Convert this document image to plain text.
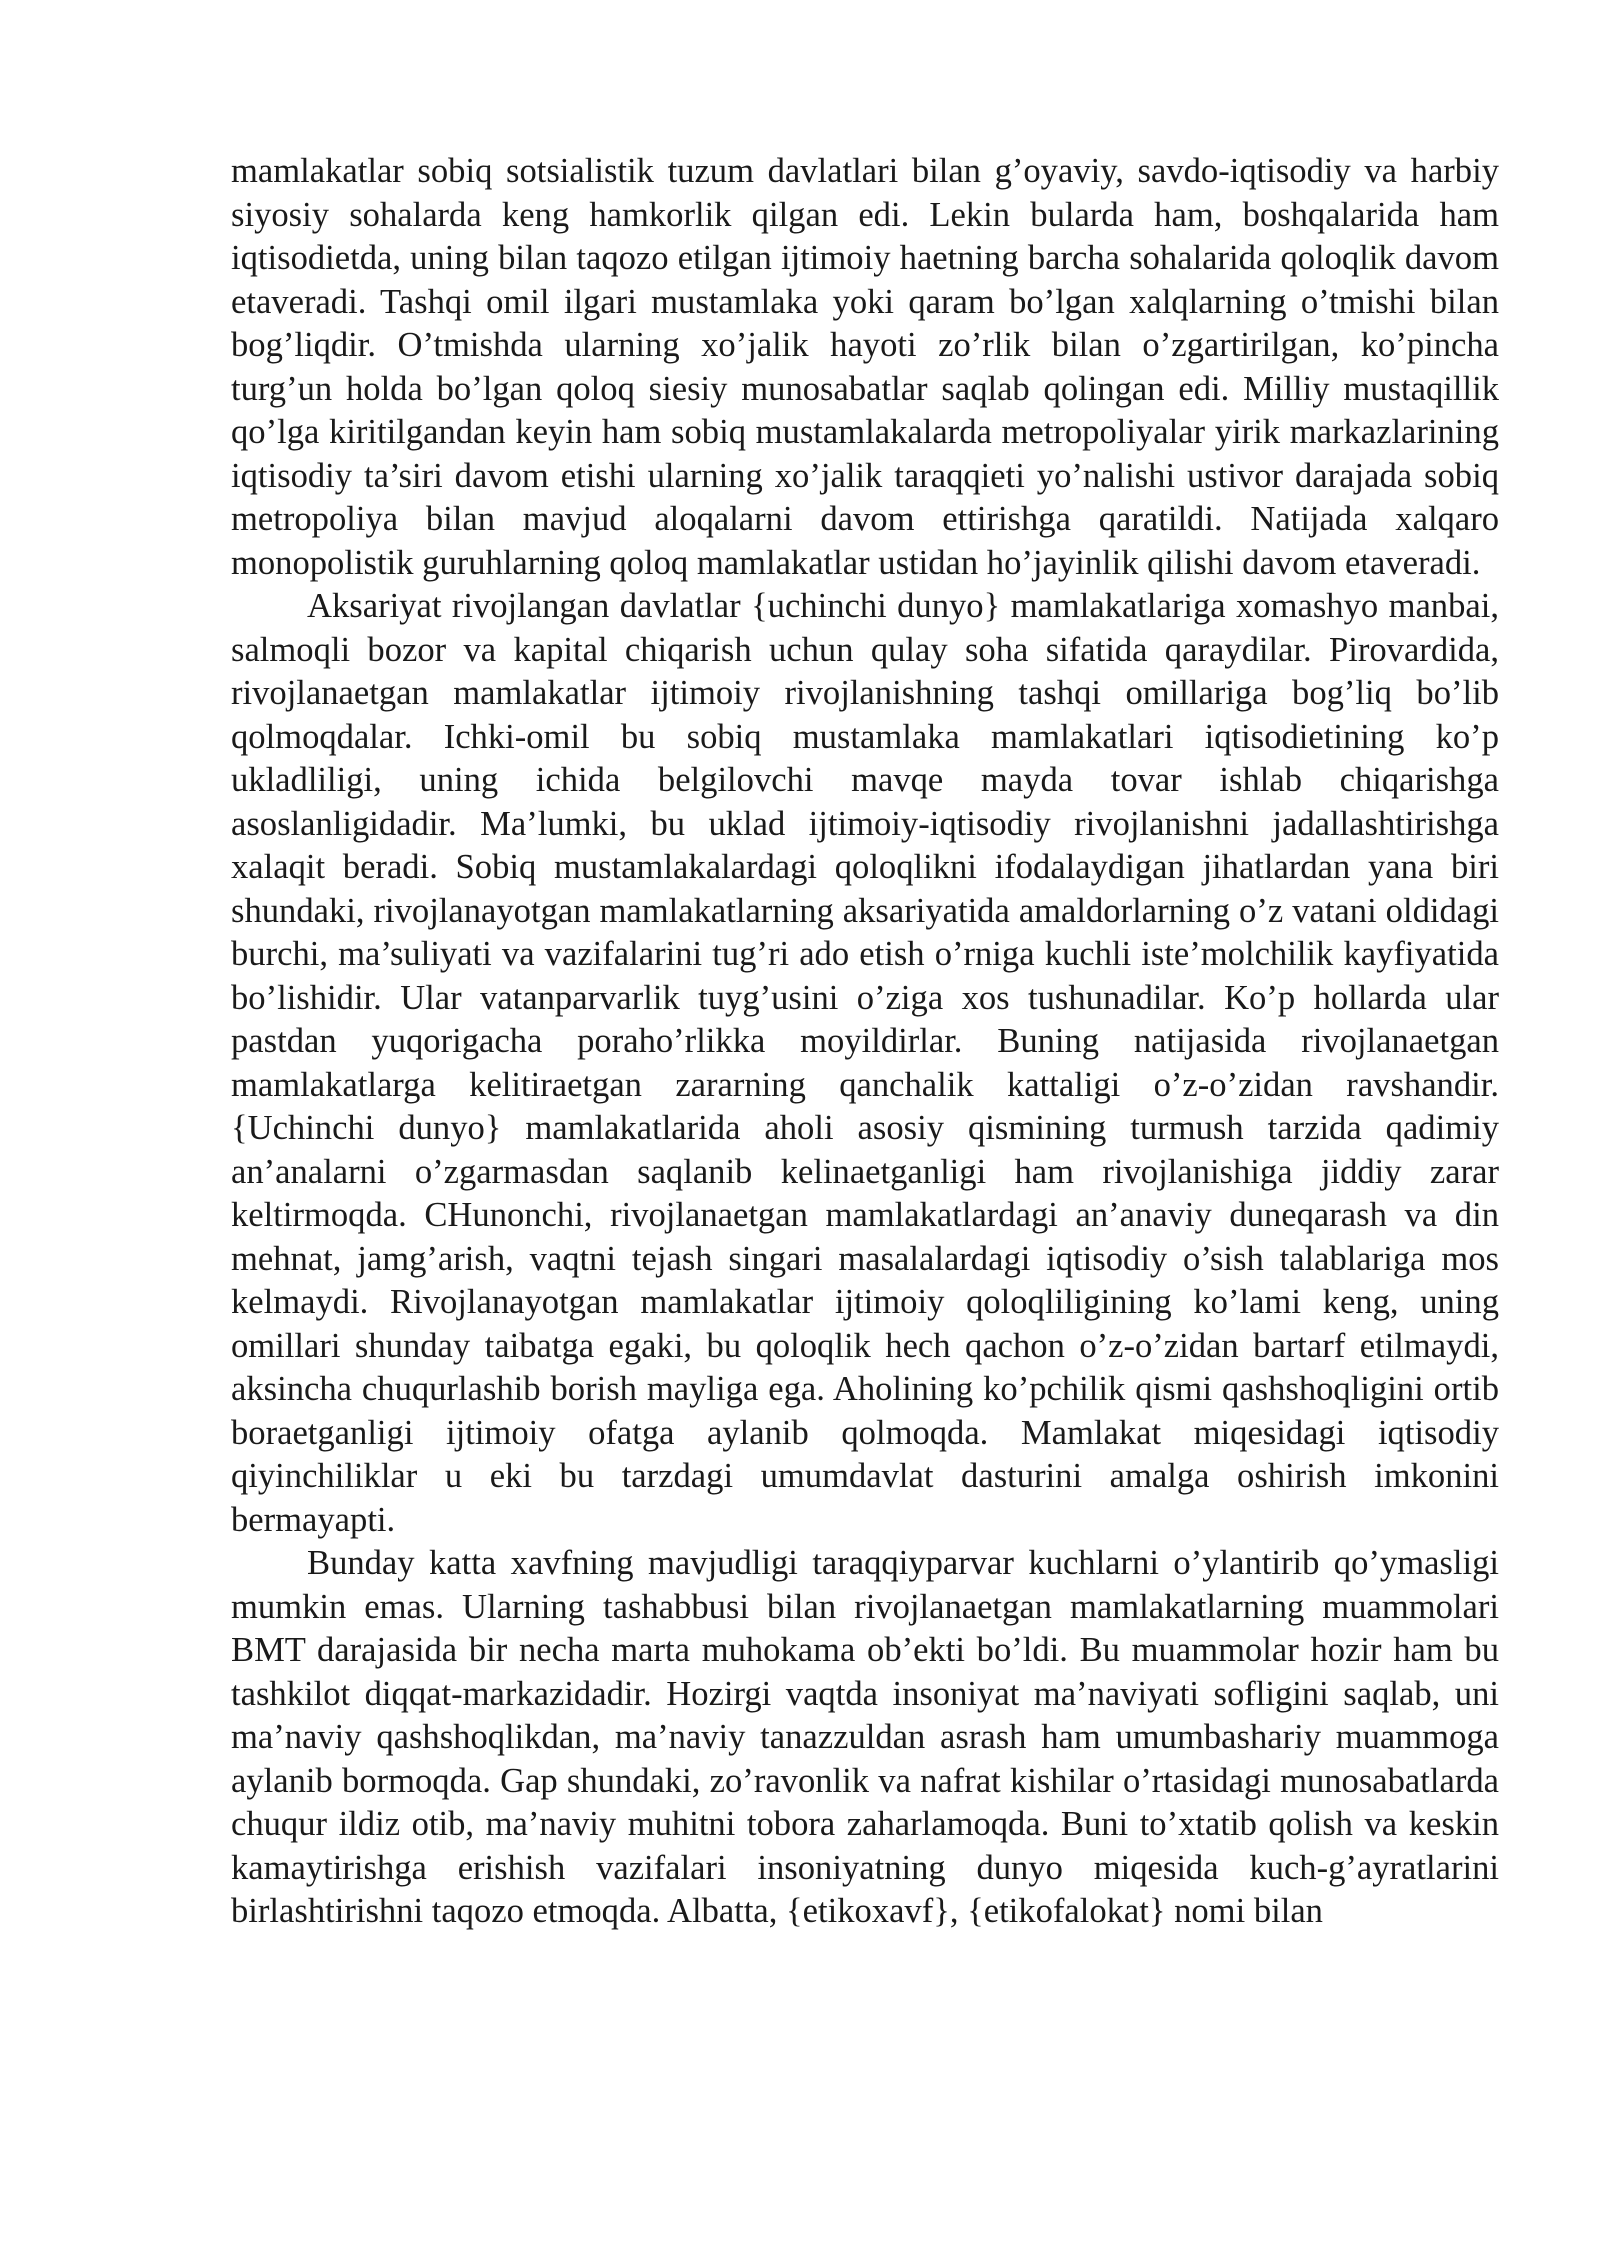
mamlakatlar sobiq sotsialistik tuzum davlatlari bilan g’oyaviy, savdo-iqtisodiy va harbiy siyosiy sohalarda keng hamkorlik qilgan edi. Lekin bularda ham, boshqalarida ham iqtisodietda, uning bilan taqozo etilgan ijtimoiy haetning barcha sohalarida qoloqlik davom etaveradi. Tashqi omil ilgari mustamlaka yoki qaram bo’lgan xalqlarning o’tmishi bilan bog’liqdir. O’tmishda ularning xo’jalik hayoti zo’rlik bilan o’zgartirilgan, ko’pincha turg’un holda bo’lgan qoloq siesiy munosabatlar saqlab qolingan edi. Milliy mustaqillik qo’lga kiritilgandan keyin ham sobiq mustamlakalarda metropoliyalar yirik markazlarining iqtisodiy ta’siri davom etishi ularning xo’jalik taraqqieti yo’nalishi ustivor darajada sobiq metropoliya bilan mavjud aloqalarni davom ettirishga qaratildi. Natijada xalqaro monopolistik guruhlarning qoloq mamlakatlar ustidan ho’jayinlik qilishi davom etaveradi.

Aksariyat rivojlangan davlatlar {uchinchi dunyo} mamlakatlariga xomashyo manbai, salmoqli bozor va kapital chiqarish uchun qulay soha sifatida qaraydilar. Pirovardida, rivojlanaetgan mamlakatlar ijtimoiy rivojlanishning tashqi omillariga bog’liq bo’lib qolmoqdalar. Ichki-omil bu sobiq mustamlaka mamlakatlari iqtisodietining ko’p ukladliligi, uning ichida belgilovchi mavqe mayda tovar ishlab chiqarishga asoslanligidadir. Ma’lumki, bu uklad ijtimoiy-iqtisodiy rivojlanishni jadallashtirishga xalaqit beradi. Sobiq mustamlakalardagi qoloqlikni ifodalaydigan jihatlardan yana biri shundaki, rivojlanayotgan mamlakatlarning aksariyatida amaldorlarning o’z vatani oldidagi burchi, ma’suliyati va vazifalarini tug’ri ado etish o’rniga kuchli iste’molchilik kayfiyatida bo’lishidir. Ular vatanparvarlik tuyg’usini o’ziga xos tushunadilar. Ko’p hollarda ular pastdan yuqorigacha poraho’rlikka moyildirlar. Buning natijasida rivojlanaetgan mamlakatlarga kelitiraetgan zararning qanchalik kattaligi o’z-o’zidan ravshandir. {Uchinchi dunyo} mamlakatlarida aholi asosiy qismining turmush tarzida qadimiy an’analarni o’zgarmasdan saqlanib kelinaetganligi ham rivojlanishiga jiddiy zarar keltirmoqda. CHunonchi, rivojlanaetgan mamlakatlardagi an’anaviy duneqarash va din mehnat, jamg’arish, vaqtni tejash singari masalalardagi iqtisodiy o’sish talablariga mos kelmaydi. Rivojlanayotgan mamlakatlar ijtimoiy qoloqliligining ko’lami keng, uning omillari shunday taibatga egaki, bu qoloqlik hech qachon o’z-o’zidan bartarf etilmaydi, aksincha chuqurlashib borish mayliga ega. Aholining ko’pchilik qismi qashshoqligini ortib boraetganligi ijtimoiy ofatga aylanib qolmoqda. Mamlakat miqesidagi iqtisodiy qiyinchiliklar u eki bu tarzdagi umumdavlat dasturini amalga oshirish imkonini bermayapti.

Bunday katta xavfning mavjudligi taraqqiyparvar kuchlarni o’ylantirib qo’ymasligi mumkin emas. Ularning tashabbusi bilan rivojlanaetgan mamlakatlarning muammolari BMT darajasida bir necha marta muhokama ob’ekti bo’ldi. Bu muammolar hozir ham bu tashkilot diqqat-markazidadir. Hozirgi vaqtda insoniyat ma’naviyati sofligini saqlab, uni ma’naviy qashshoqlikdan, ma’naviy tanazzuldan asrash ham umumbashariy muammoga aylanib bormoqda. Gap shundaki, zo’ravonlik va nafrat kishilar o’rtasidagi munosabatlarda chuqur ildiz otib, ma’naviy muhitni tobora zaharlamoqda. Buni to’xtatib qolish va keskin kamaytirishga erishish vazifalari insoniyatning dunyo miqesida kuch-g’ayratlarini birlashtirishni taqozo etmoqda. Albatta, {etikoxavf}, {etikofalokat} nomi bilan
